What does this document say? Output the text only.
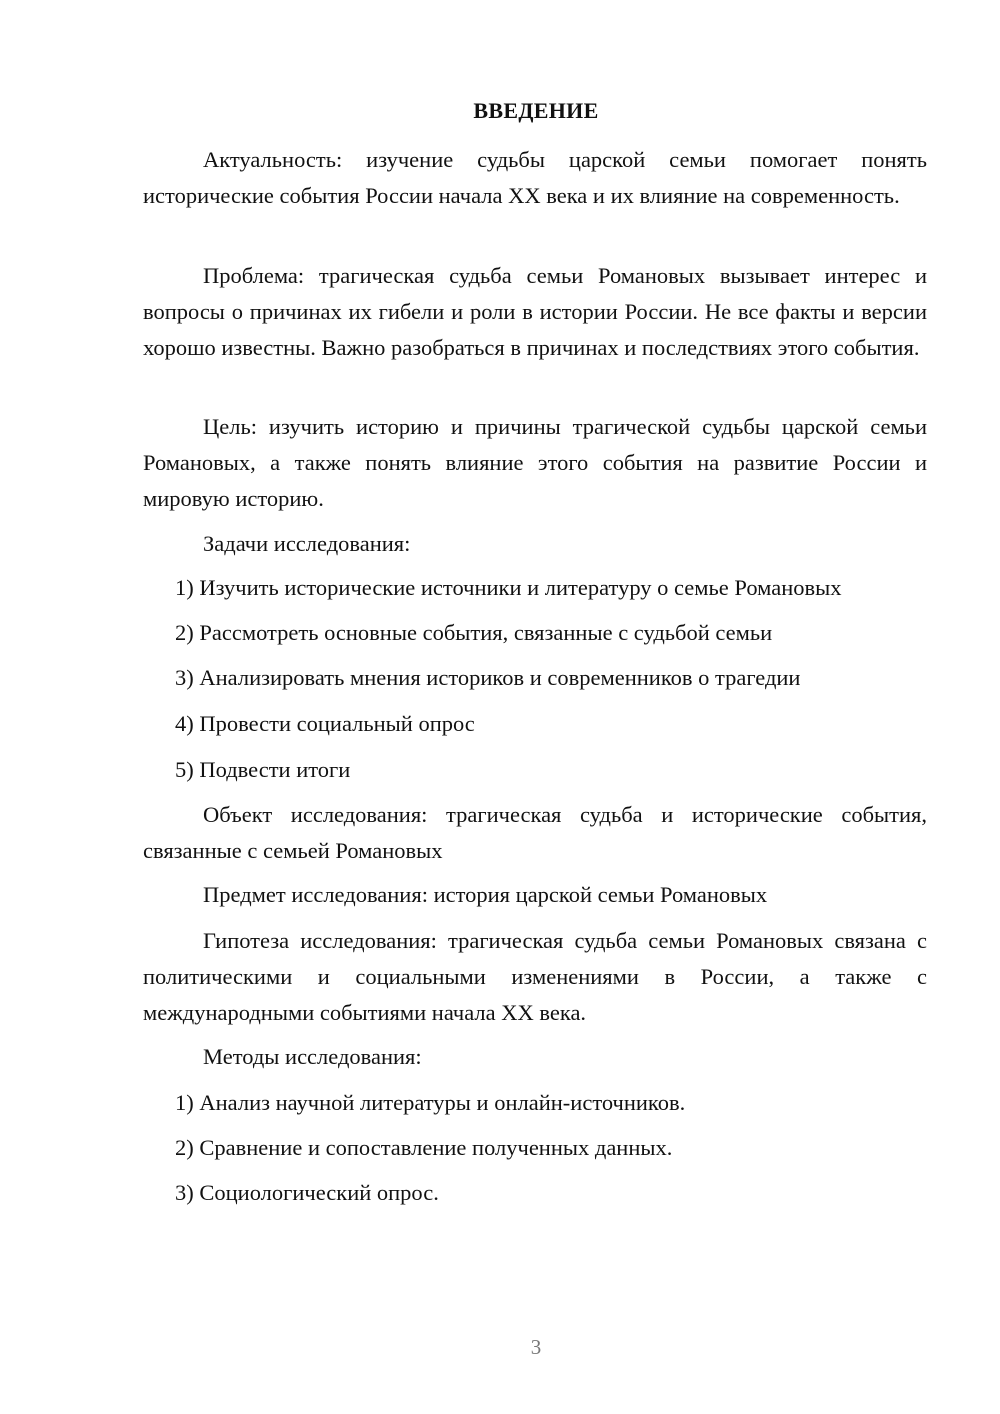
ВВЕДЕНИЕ
Актуальность: изучение судьбы царской семьи помогает понять исторические события России начала XX века и их влияние на современность.
Проблема: трагическая судьба семьи Романовых вызывает интерес и вопросы о причинах их гибели и роли в истории России. Не все факты и версии хорошо известны. Важно разобраться в причинах и последствиях этого события.
Цель: изучить историю и причины трагической судьбы царской семьи Романовых, а также понять влияние этого события на развитие России и мировую историю.
Задачи исследования:
1) Изучить исторические источники и литературу о семье Романовых
2) Рассмотреть основные события, связанные с судьбой семьи
3) Анализировать мнения историков и современников о трагедии
4) Провести социальный опрос
5) Подвести итоги
Объект исследования: трагическая судьба и исторические события, связанные с семьей Романовых
Предмет исследования: история царской семьи Романовых
Гипотеза исследования: трагическая судьба семьи Романовых связана с политическими и социальными изменениями в России, а также с международными событиями начала XX века.
Методы исследования:
1) Анализ научной литературы и онлайн-источников.
2) Сравнение и сопоставление полученных данных.
3) Социологический опрос.
3
